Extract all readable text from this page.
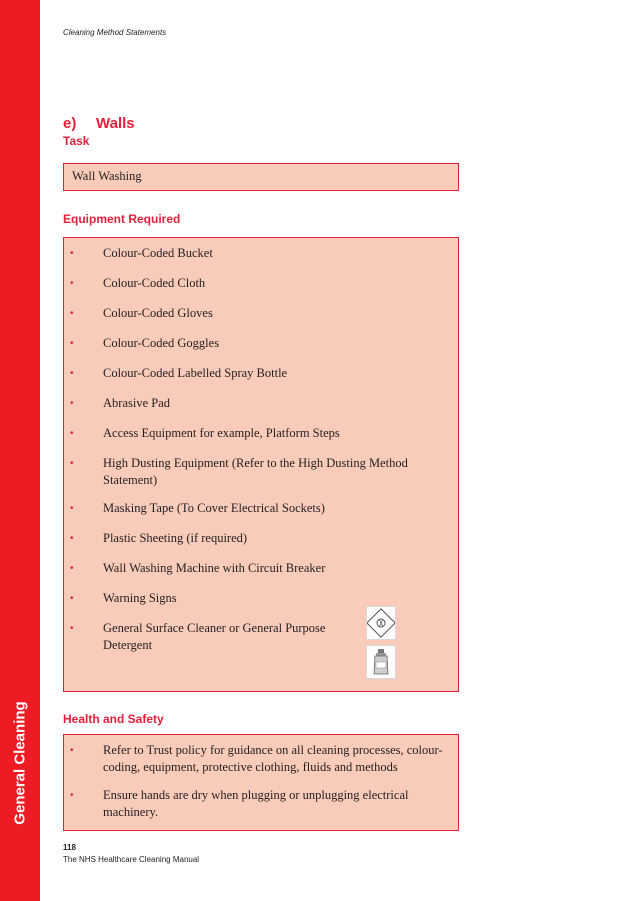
General Cleaning
Cleaning Method Statements
e) Walls
Task
Wall Washing
Equipment Required
• Colour-Coded Bucket
• Colour-Coded Cloth
• Colour-Coded Gloves
• Colour-Coded Goggles
• Colour-Coded Labelled Spray Bottle
• Abrasive Pad
• Access Equipment for example, Platform Steps
• High Dusting Equipment (Refer to the High Dusting Method Statement)
• Masking Tape (To Cover Electrical Sockets)
• Plastic Sheeting (if required)
• Wall Washing Machine with Circuit Breaker
• Warning Signs
• General Surface Cleaner or General Purpose Detergent
Health and Safety
• Refer to Trust policy for guidance on all cleaning processes, colour-coding, equipment, protective clothing, fluids and methods
• Ensure hands are dry when plugging or unplugging electrical machinery.
118
The NHS Healthcare Cleaning Manual
